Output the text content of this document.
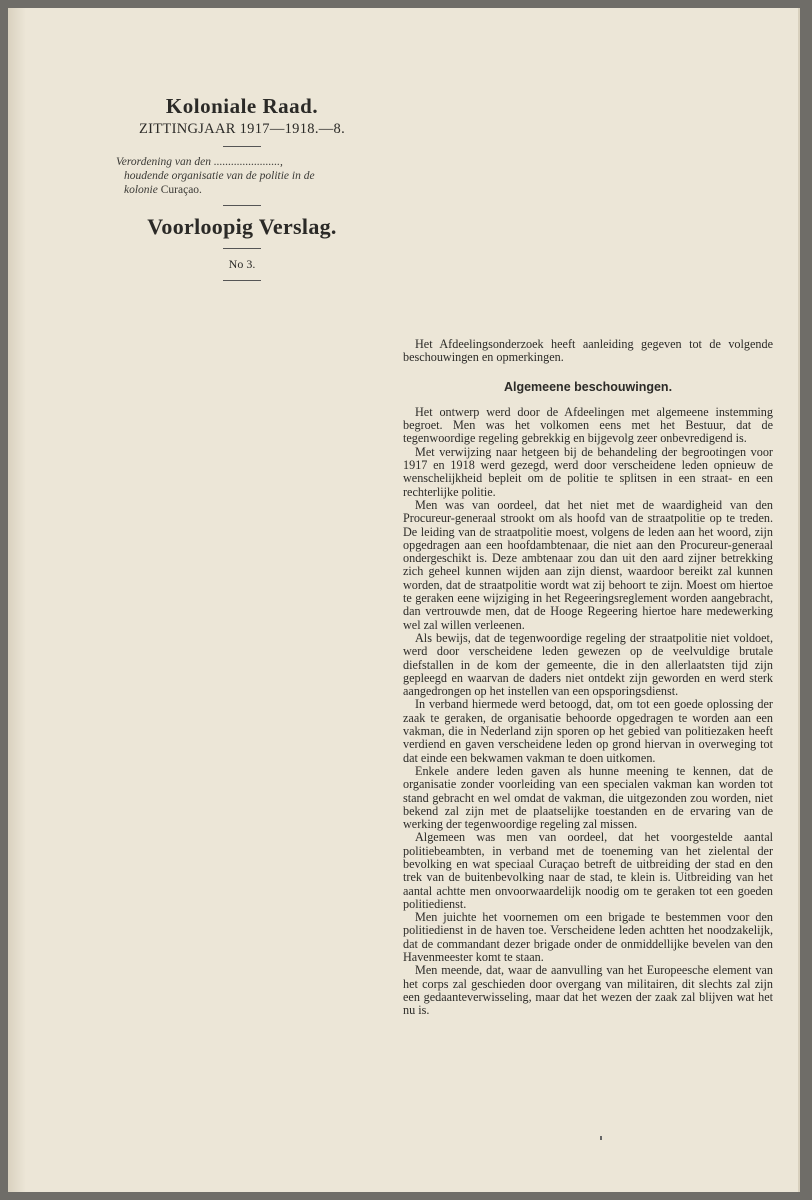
Koloniale Raad.
ZITTINGJAAR 1917—1918.—8.
Verordening van den .......................,
houdende organisatie van de politie in de
kolonie Curaçao.
Voorloopig Verslag.
No 3.

Het Afdeelingsonderzoek heeft aanleiding gegeven tot de volgende beschouwingen en opmerkingen.

Algemeene beschouwingen.

Het ontwerp werd door de Afdeelingen met algemeene instemming begroet. Men was het volkomen eens met het Bestuur, dat de tegenwoordige regeling gebrekkig en bijgevolg zeer onbevredigend is.

Met verwijzing naar hetgeen bij de behandeling der begrootingen voor 1917 en 1918 werd gezegd, werd door verscheidene leden opnieuw de wenschelijkheid bepleit om de politie te splitsen in een straat- en een rechterlijke politie.

Men was van oordeel, dat het niet met de waardigheid van den Procureur-generaal strookt om als hoofd van de straatpolitie op te treden. De leiding van de straatpolitie moest, volgens de leden aan het woord, zijn opgedragen aan een hoofdambtenaar, die niet aan den Procureur-generaal ondergeschikt is. Deze ambtenaar zou dan uit den aard zijner betrekking zich geheel kunnen wijden aan zijn dienst, waardoor bereikt zal kunnen worden, dat de straatpolitie wordt wat zij behoort te zijn. Moest om hiertoe te geraken eene wijziging in het Regeeringsreglement worden aangebracht, dan vertrouwde men, dat de Hooge Regeering hiertoe hare medewerking wel zal willen verleenen.

Als bewijs, dat de tegenwoordige regeling der straatpolitie niet voldoet, werd door verscheidene leden gewezen op de veelvuldige brutale diefstallen in de kom der gemeente, die in den allerlaatsten tijd zijn gepleegd en waarvan de daders niet ontdekt zijn geworden en werd sterk aangedrongen op het instellen van een opsporingsdienst.

In verband hiermede werd betoogd, dat, om tot een goede oplossing der zaak te geraken, de organisatie behoorde opgedragen te worden aan een vakman, die in Nederland zijn sporen op het gebied van politiezaken heeft verdiend en gaven verscheidene leden op grond hiervan in overweging tot dat einde een bekwamen vakman te doen uitkomen.

Enkele andere leden gaven als hunne meening te kennen, dat de organisatie zonder voorleiding van een specialen vakman kan worden tot stand gebracht en wel omdat de vakman, die uitgezonden zou worden, niet bekend zal zijn met de plaatselijke toestanden en de ervaring van de werking der tegenwoordige regeling zal missen.

Algemeen was men van oordeel, dat het voorgestelde aantal politiebeambten, in verband met de toeneming van het zielental der bevolking en wat speciaal Curaçao betreft de uitbreiding der stad en den trek van de buitenbevolking naar de stad, te klein is. Uitbreiding van het aantal achtte men onvoorwaardelijk noodig om te geraken tot een goeden politiedienst.

Men juichte het voornemen om een brigade te bestemmen voor den politiedienst in de haven toe. Verscheidene leden achtten het noodzakelijk, dat de commandant dezer brigade onder de onmiddellijke bevelen van den Havenmeester komt te staan.

Men meende, dat, waar de aanvulling van het Europeesche element van het corps zal geschieden door overgang van militairen, dit slechts zal zijn een gedaanteverwisseling, maar dat het wezen der zaak zal blijven wat het nu is.
